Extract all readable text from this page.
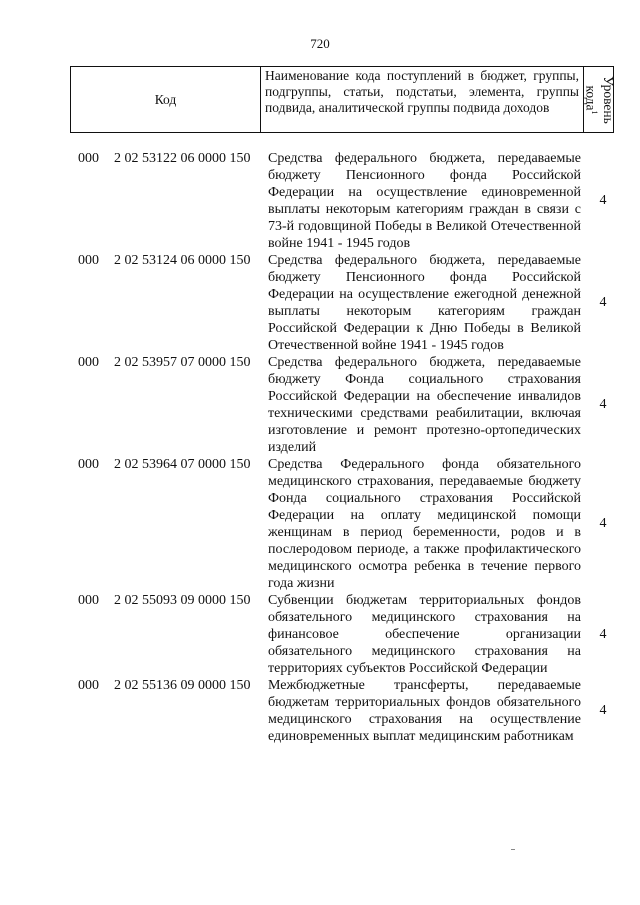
720
Код
Наименование кода поступлений в бюджет, группы, подгруппы, статьи, подстатьи, элемента, группы подвида, аналитической группы подвида доходов	Уровень
кода$^1$
000 2 02 53122 06 0000 150 Средства федерального бюджета, передаваемые бюджету Пенсионного фонда Российской Федерации на осуществление единовременной выплаты некоторым категориям граждан в связи с 73-й годовщиной Победы в Великой Отечественной войне 1941 - 1945 годов
4
000 2 02 53124 06 0000 150 Средства федерального бюджета, передаваемые бюджету Пенсионного фонда Российской Федерации на осуществление ежегодной денежной выплаты некоторым категориям граждан Российской Федерации к Дню Победы в Великой Отечественной войне 1941 - 1945 годов
4
000 2 02 53957 07 0000 150 Средства федерального бюджета, передаваемые бюджету Фонда социального страхования Российской Федерации на обеспечение инвалидов техническими средствами реабилитации, включая изготовление и ремонт протезно-ортопедических изделий
4
000 2 02 53964 07 0000 150 Средства Федерального фонда обязательного медицинского страхования, передаваемые бюджету Фонда социального страхования Российской Федерации на оплату медицинской помощи женщинам в период беременности, родов и в послеродовом периоде, а также профилактического медицинского осмотра ребенка в течение первого года жизни
4
000 2 02 55093 09 0000 150 Субвенции бюджетам территориальных фондов обязательного медицинского страхования на финансовое обеспечение организации обязательного медицинского страхования на территориях субъектов Российской Федерации
4
000 2 02 55136 09 0000 150 Межбюджетные трансферты, передаваемые бюджетам территориальных фондов обязательного медицинского страхования на осуществление единовременных выплат медицинским работникам
4
